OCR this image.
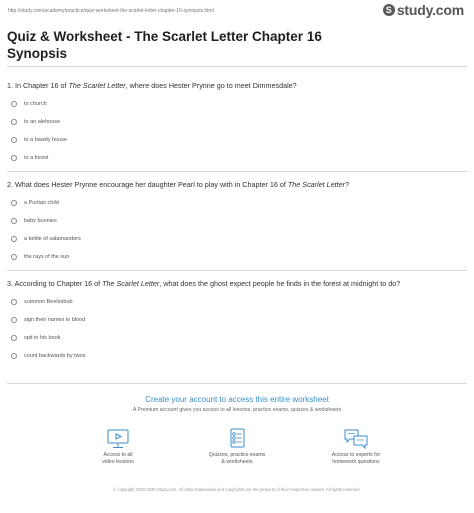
http://study.com/academy/practice/quiz-worksheet-the-scarlet-letter-chapter-16-synopsis.html	S study.com
Quiz & Worksheet - The Scarlet Letter Chapter 16 Synopsis
1. In Chapter 16 of The Scarlet Letter, where does Hester Prynne go to meet Dimmesdale?
to church
to an alehouse
to a bawdy house
to a forest
2. What does Hester Prynne encourage her daughter Pearl to play with in Chapter 16 of The Scarlet Letter?
a Puritan child
baby bunnies
a kettle of salamanders
the rays of the sun
3. According to Chapter 16 of The Scarlet Letter, what does the ghost expect people he finds in the forest at midnight to do?
summon Beelzebub
sign their names in blood
spit in his book
count backwards by twos
Create your account to access this entire worksheet
A Premium account gives you access to all lessons, practice exams, quizzes & worksheets
Access to all
video lessons
Quizzes, practice exams
& worksheets
Access to experts for
homework questions
© copyright 2003-2020 Study.com. All other trademarks and copyrights are the property of their respective owners. All rights reserved.
